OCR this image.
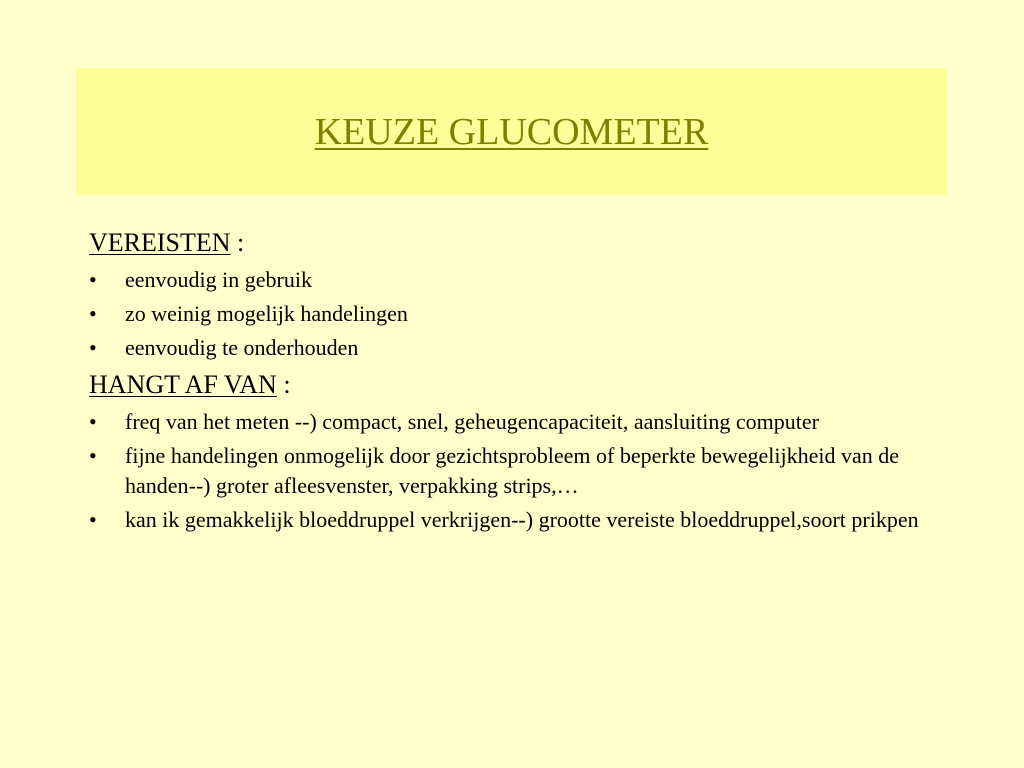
KEUZE GLUCOMETER

VEREISTEN :

• eenvoudig in gebruik
• zo weinig mogelijk handelingen
• eenvoudig te onderhouden

HANGT AF VAN :

• freq van het meten --) compact, snel, geheugencapaciteit, aansluiting computer
• fijne handelingen onmogelijk door gezichtsprobleem of beperkte bewegelijkheid van de handen--) groter afleesvenster, verpakking strips,…
• kan ik gemakkelijk bloeddruppel verkrijgen--) grootte vereiste bloeddruppel,soort prikpen
